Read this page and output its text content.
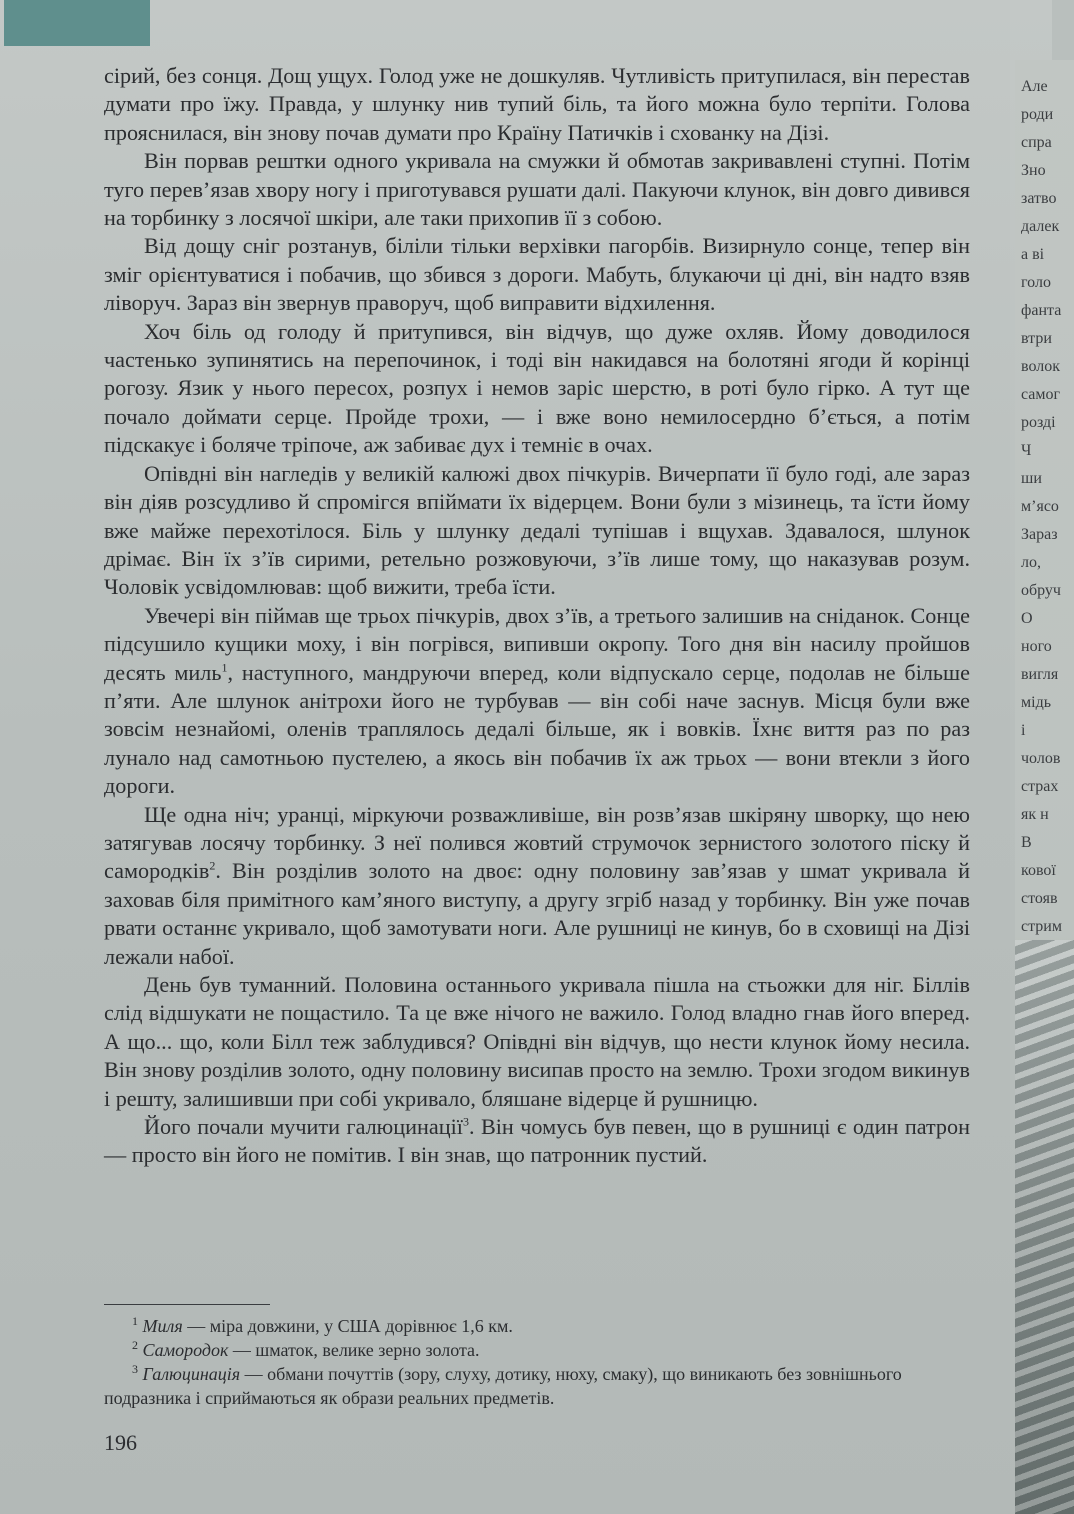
сірий, без сонця. Дощ ущух. Голод уже не дошкуляв. Чутливість притупилася, він перестав думати про їжу. Правда, у шлунку нив тупий біль, та його можна було терпіти. Голова прояснилася, він знову почав думати про Країну Патичків і схованку на Дізі.

Він порвав рештки одного укривала на смужки й обмотав закривавлені ступні. Потім туго перев’язав хвору ногу і приготувався рушати далі. Пакуючи клунок, він довго дивився на торбинку з лосячої шкіри, але таки прихопив її з собою.

Від дощу сніг розтанув, біліли тільки верхівки пагорбів. Визирнуло сонце, тепер він зміг орієнтуватися і побачив, що збився з дороги. Мабуть, блукаючи ці дні, він надто взяв ліворуч. Зараз він звернув праворуч, щоб виправити відхилення.

Хоч біль од голоду й притупився, він відчув, що дуже охляв. Йому доводилося частенько зупинятись на перепочинок, і тоді він накидався на болотяні ягоди й корінці рогозу. Язик у нього пересох, розпух і немов заріс шерстю, в роті було гірко. А тут ще почало доймати серце. Пройде трохи, — і вже воно немилосердно б’ється, а потім підскакує і боляче тріпоче, аж забиває дух і темніє в очах.

Опівдні він нагледів у великій калюжі двох пічкурів. Вичерпати її було годі, але зараз він діяв розсудливо й спромігся впіймати їх відерцем. Вони були з мізинець, та їсти йому вже майже перехотілося. Біль у шлунку дедалі тупішав і вщухав. Здавалося, шлунок дрімає. Він їх з’їв сирими, ретельно розжовуючи, з’їв лише тому, що наказував розум. Чоловік усвідомлював: щоб вижити, треба їсти.

Увечері він піймав ще трьох пічкурів, двох з’їв, а третього залишив на сніданок. Сонце підсушило кущики моху, і він погрівся, випивши окропу. Того дня він насилу пройшов десять миль$^1$, наступного, мандруючи вперед, коли відпускало серце, подолав не більше п’яти. Але шлунок анітрохи його не турбував — він собі наче заснув. Місця були вже зовсім незнайомі, оленів траплялось дедалі більше, як і вовків. Їхнє виття раз по раз лунало над самотньою пустелею, а якось він побачив їх аж трьох — вони втекли з його дороги.

Ще одна ніч; уранці, міркуючи розважливіше, він розв’язав шкіряну шворку, що нею затягував лосячу торбинку. З неї полився жовтий струмочок зернистого золотого піску й самородків$^2$. Він розділив золото на двоє: одну половину зав’язав у шмат укривала й заховав біля примітного кам’яного виступу, а другу згріб назад у торбинку. Він уже почав рвати останнє укривало, щоб замотувати ноги. Але рушниці не кинув, бо в сховищі на Дізі лежали набої.

День був туманний. Половина останнього укривала пішла на стьожки для ніг. Біллів слід відшукати не пощастило. Та це вже нічого не важило. Голод владно гнав його вперед. А що... що, коли Білл теж заблудився? Опівдні він відчув, що нести клунок йому несила. Він знову розділив золото, одну половину висипав просто на землю. Трохи згодом викинув і решту, залишивши при собі укривало, бляшане відерце й рушницю.

Його почали мучити галюцинації$^3$. Він чомусь був певен, що в рушниці є один патрон — просто він його не помітив. І він знав, що патронник пустий.

$^1$ Миля — міра довжини, у США дорівнює 1,6 км.

$^2$ Самородок — шматок, велике зерно золота.

$^3$ Галюцинація — обмани почуттів (зору, слуху, дотику, нюху, смаку), що виникають без зовнішнього подразника і сприймаються як образи реальних предметів.

196
Але
роди
спра
Зно
затво
далек
а ві
голо
фанта
втри
волок
самог
розді
Ч
ши
м’ясо
Зараз
ло,
обруч
О
ного
вигля
мідь
і
чолов
страх
як н
В
кової
стояв
стрим
